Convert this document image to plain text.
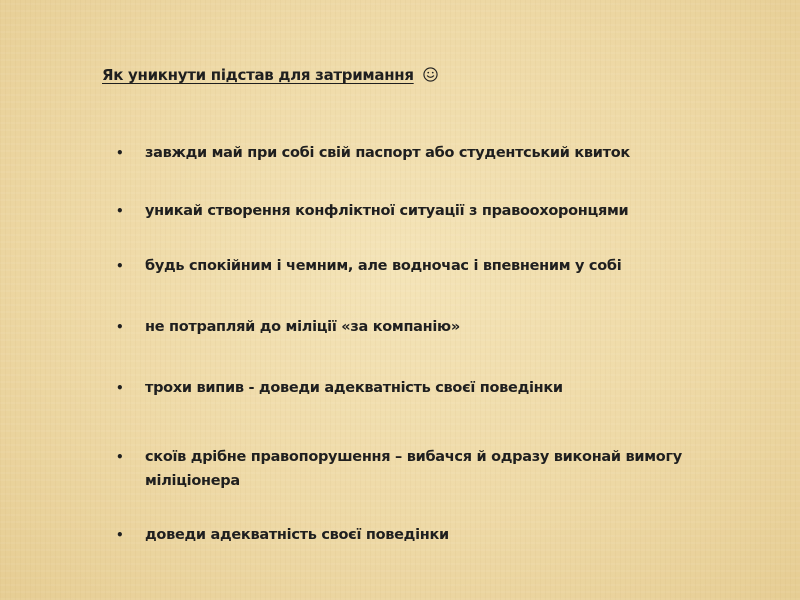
Як уникнути підстав для затримання
•	завжди май при собі свій паспорт або студентський квиток
•	уникай створення конфліктної ситуації з правоохоронцями
•	будь спокійним і чемним, але водночас і впевненим у собі
•	не потрапляй до міліції «за компанію»
•	трохи випив - доведи адекватність своєї поведінки
•	скоїв дрібне правопорушення – вибачся й одразу виконай вимогу міліціонера
•	доведи адекватність своєї поведінки
